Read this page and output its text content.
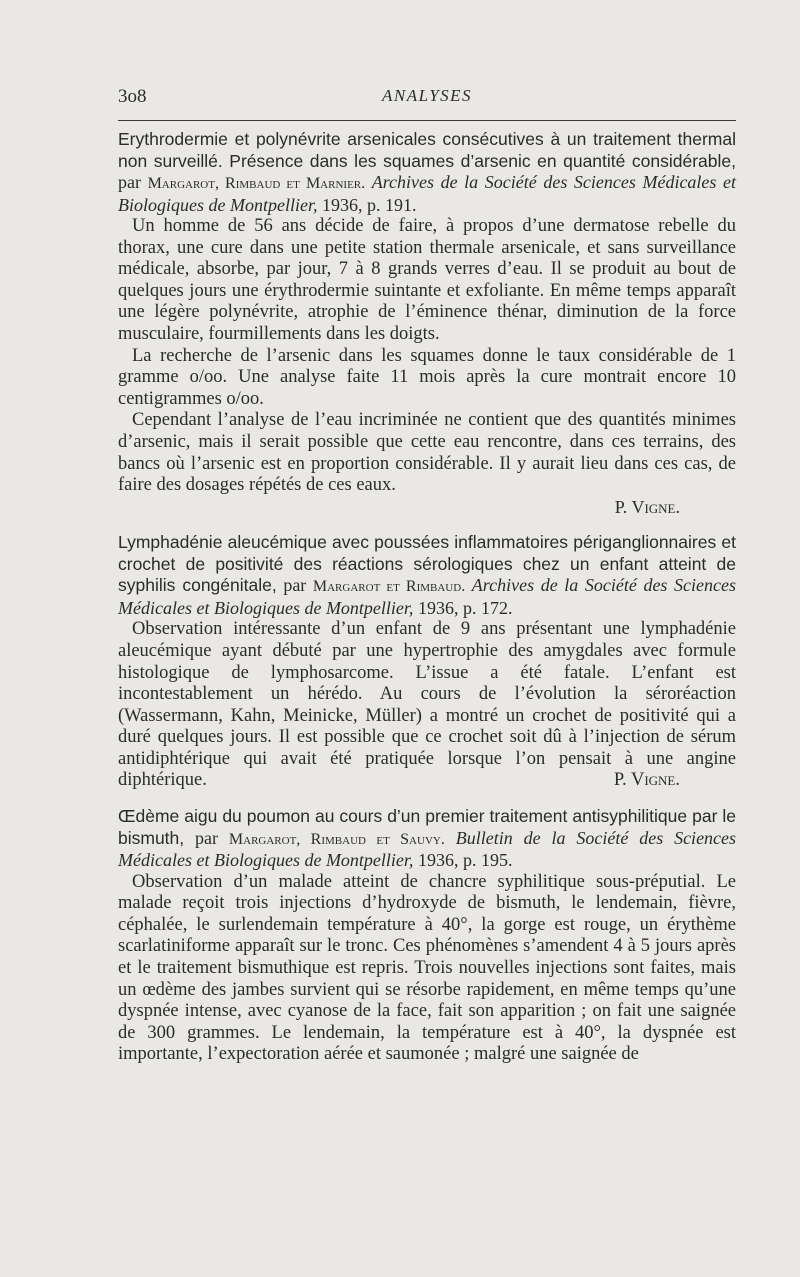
3o8	ANALYSES

Erythrodermie et polynévrite arsenicales consécutives à un traitement thermal non surveillé. Présence dans les squames d’arsenic en quantité considérable, par Margarot, Rimbaud et Marnier. Archives de la Société des Sciences Médicales et Biologiques de Montpellier, 1936, p. 191.

Un homme de 56 ans décide de faire, à propos d’une dermatose rebelle du thorax, une cure dans une petite station thermale arsenicale, et sans surveillance médicale, absorbe, par jour, 7 à 8 grands verres d’eau. Il se produit au bout de quelques jours une érythrodermie suintante et exfoliante. En même temps apparaît une légère polynévrite, atrophie de l’éminence thénar, diminution de la force musculaire, fourmillements dans les doigts.

La recherche de l’arsenic dans les squames donne le taux considérable de 1 gramme o/oo. Une analyse faite 11 mois après la cure montrait encore 10 centigrammes o/oo.

Cependant l’analyse de l’eau incriminée ne contient que des quantités minimes d’arsenic, mais il serait possible que cette eau rencontre, dans ces terrains, des bancs où l’arsenic est en proportion considérable. Il y aurait lieu dans ces cas, de faire des dosages répétés de ces eaux.

P. Vigne.

Lymphadénie aleucémique avec poussées inflammatoires périganglionnaires et crochet de positivité des réactions sérologiques chez un enfant atteint de syphilis congénitale, par Margarot et Rimbaud. Archives de la Société des Sciences Médicales et Biologiques de Montpellier, 1936, p. 172.

Observation intéressante d’un enfant de 9 ans présentant une lymphadénie aleucémique ayant débuté par une hypertrophie des amygdales avec formule histologique de lymphosarcome. L’issue a été fatale. L’enfant est incontestablement un hérédo. Au cours de l’évolution la séroréaction (Wassermann, Kahn, Meinicke, Müller) a montré un crochet de positivité qui a duré quelques jours. Il est possible que ce crochet soit dû à l’injection de sérum antidiphtérique qui avait été pratiquée lorsque l’on pensait à une angine diphtérique.	P. Vigne.

Œdème aigu du poumon au cours d’un premier traitement antisyphilitique par le bismuth, par Margarot, Rimbaud et Sauvy. Bulletin de la Société des Sciences Médicales et Biologiques de Montpellier, 1936, p. 195.

Observation d’un malade atteint de chancre syphilitique sous-préputial. Le malade reçoit trois injections d’hydroxyde de bismuth, le lendemain, fièvre, céphalée, le surlendemain température à 40°, la gorge est rouge, un érythème scarlatiniforme apparaît sur le tronc. Ces phénomènes s’amendent 4 à 5 jours après et le traitement bismuthique est repris. Trois nouvelles injections sont faites, mais un œdème des jambes survient qui se résorbe rapidement, en même temps qu’une dyspnée intense, avec cyanose de la face, fait son apparition ; on fait une saignée de 300 grammes. Le lendemain, la température est à 40°, la dyspnée est importante, l’expectoration aérée et saumonée ; malgré une saignée de
